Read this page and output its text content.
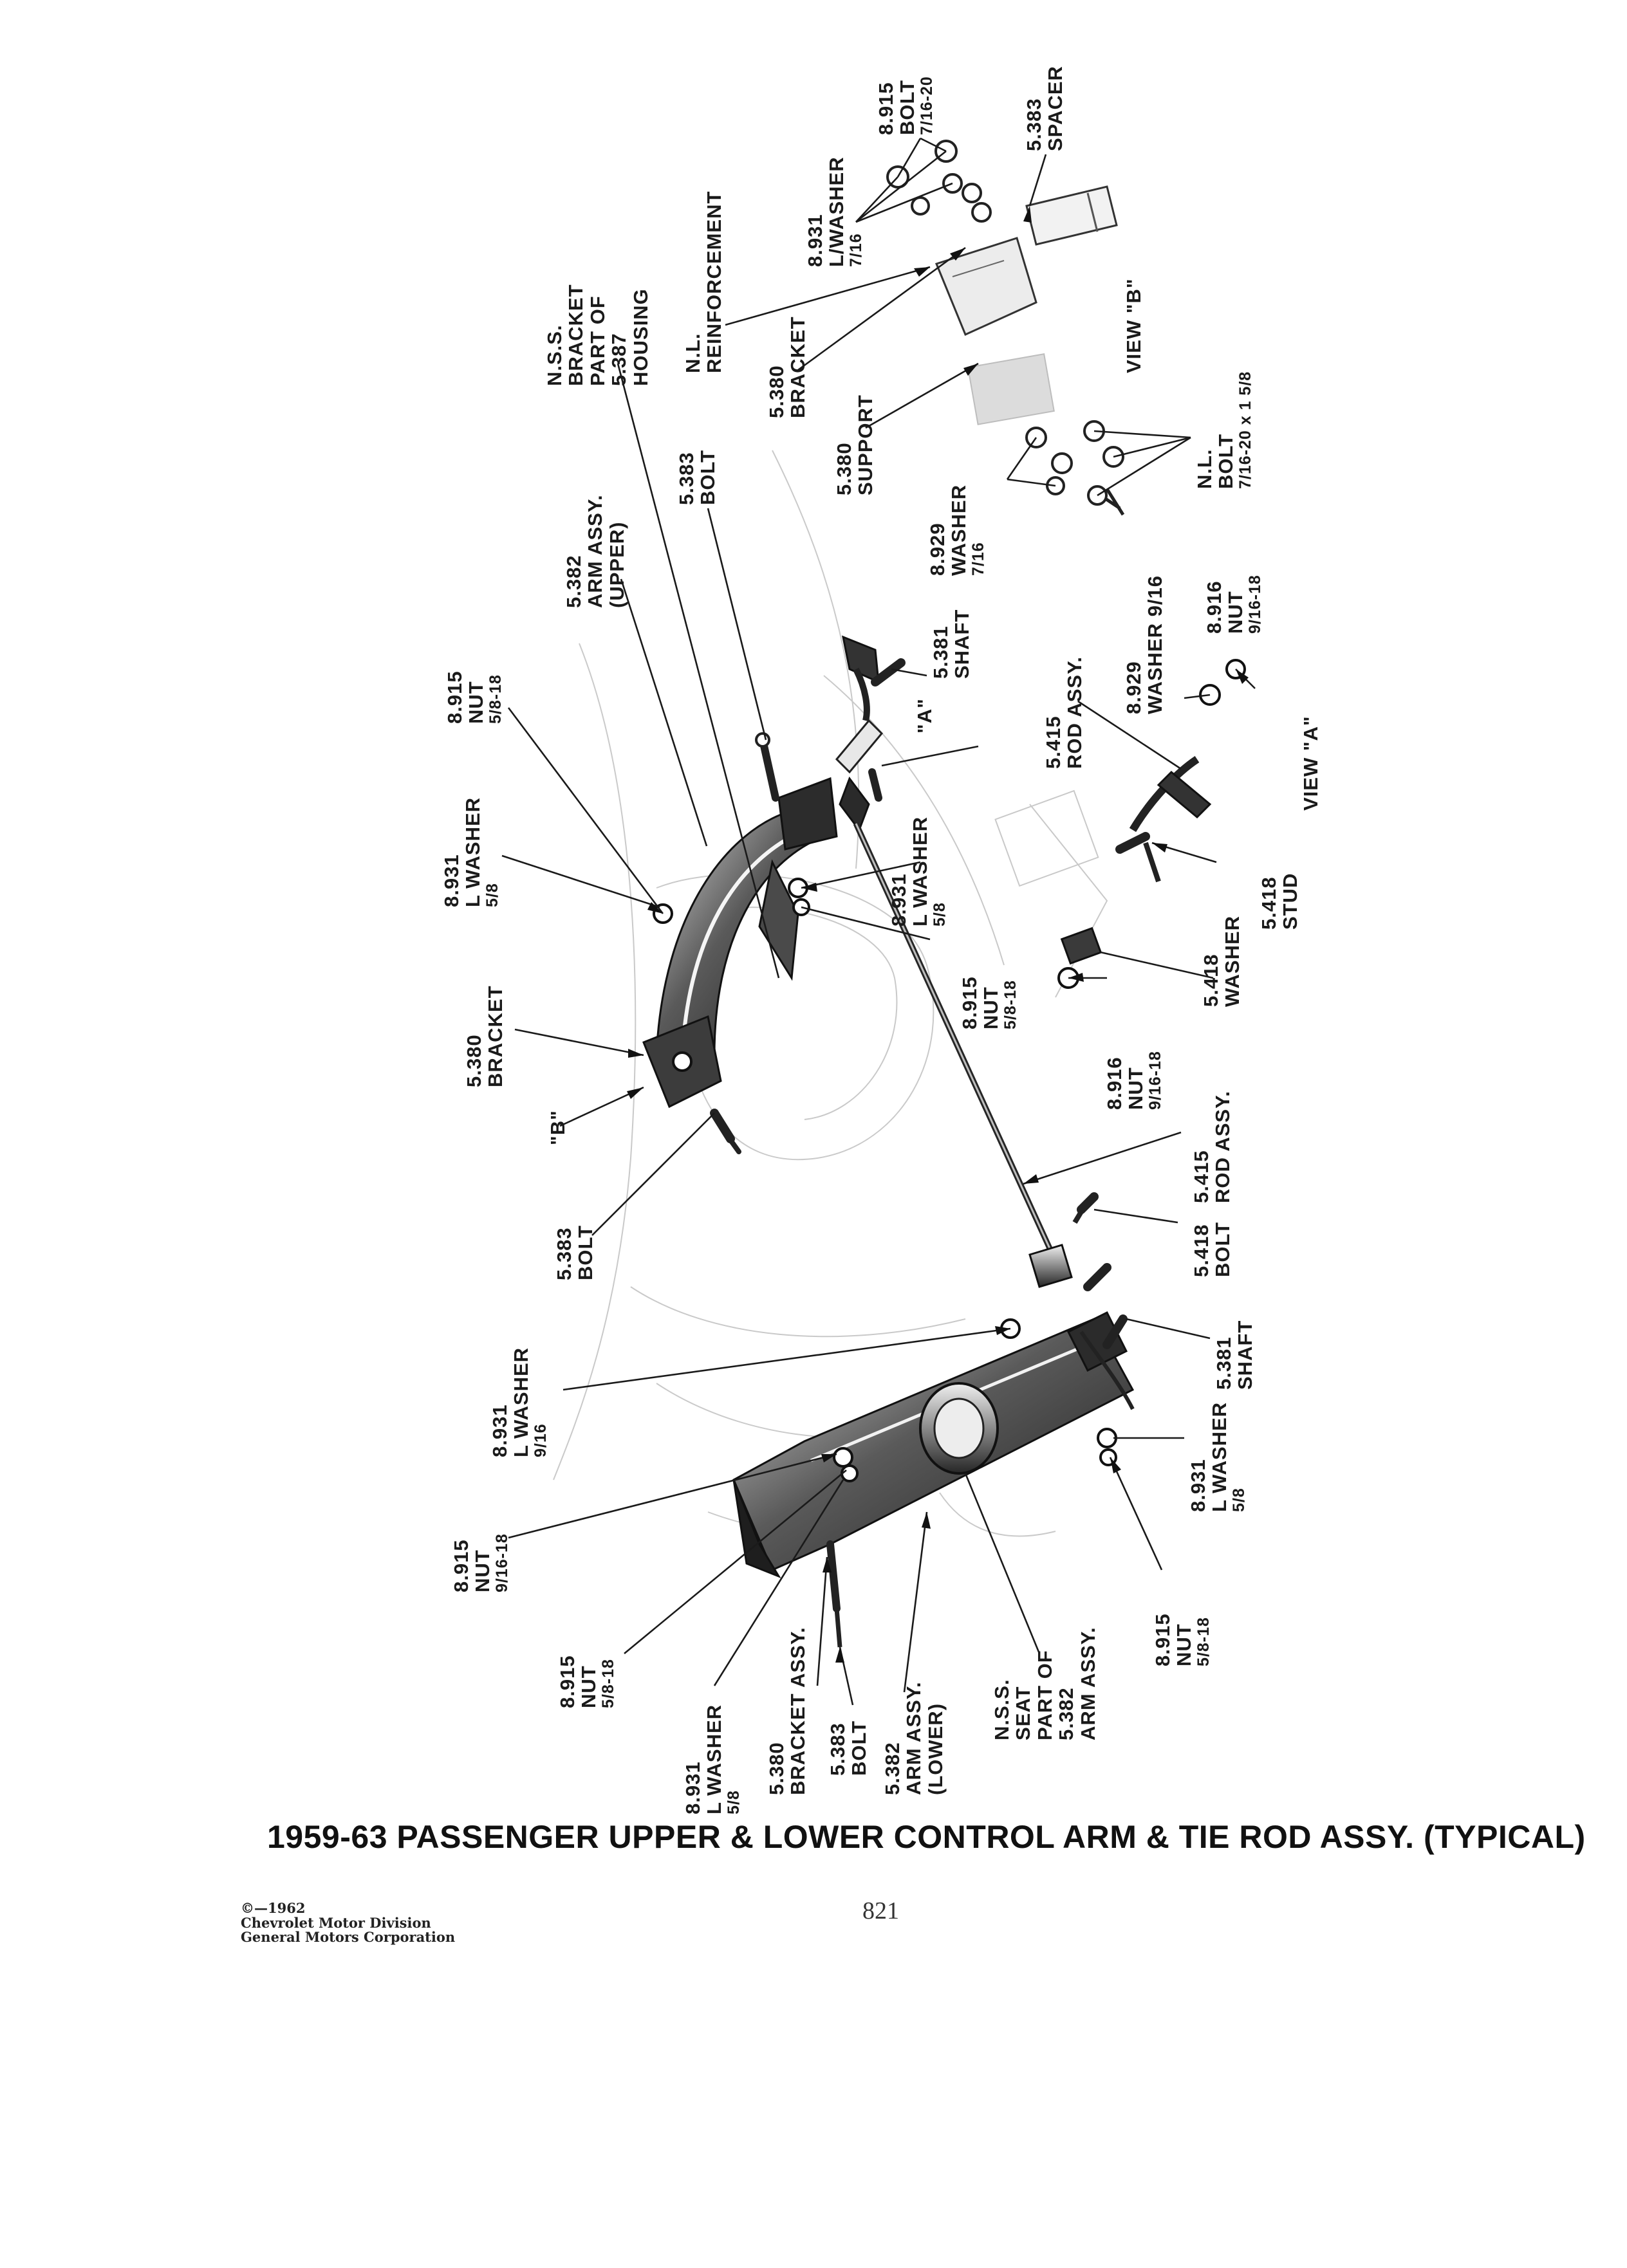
N.S.S.
BRACKET
PART OF
5.387
HOUSING N.L.
REINFORCEMENT
5.380
BRACKET
5.380
SUPPORT
8.931
L/WASHER
7/16
8.915
BOLT
7/16-20	5.383
SPACER
8.929
WASHER
7/16
N.L.
BOLT
7/16-20 x 1 5/8
5.382
ARM ASSY.
(UPPER)
5.383
BOLT
8.915
NUT
5/8-18
5.381
SHAFT
8.931
L WASHER
5/8	8.931
L WASHER
5/8
8.915
NUT
5/8-18
5.415
ROD ASSY. 8.929
WASHER 9/16 8.916
NUT
9/16-18
5.418
STUD
5.418
WASHER
8.916
NUT
9/16-18
5.380
BRACKET
5.383
BOLT
5.415
ROD ASSY.
5.418
BOLT
8.931
L WASHER
9/16
5.381
SHAFT
8.915
NUT
9/16-18
8.931
L WASHER
5/8
8.915
NUT
5/8-18
8.915
NUT
5/8-18
8.931
L WASHER
5/8
5.380
BRACKET ASSY. 5.383
BOLT 5.382
ARM ASSY.
(LOWER) N.S.S.
SEAT
PART OF
5.382
ARM ASSY.
"A"
"B"
VIEW "A"
VIEW "B"
1959-63 PASSENGER UPPER & LOWER CONTROL ARM & TIE ROD ASSY. (TYPICAL)
©—1962
Chevrolet Motor Division
General Motors Corporation
821
